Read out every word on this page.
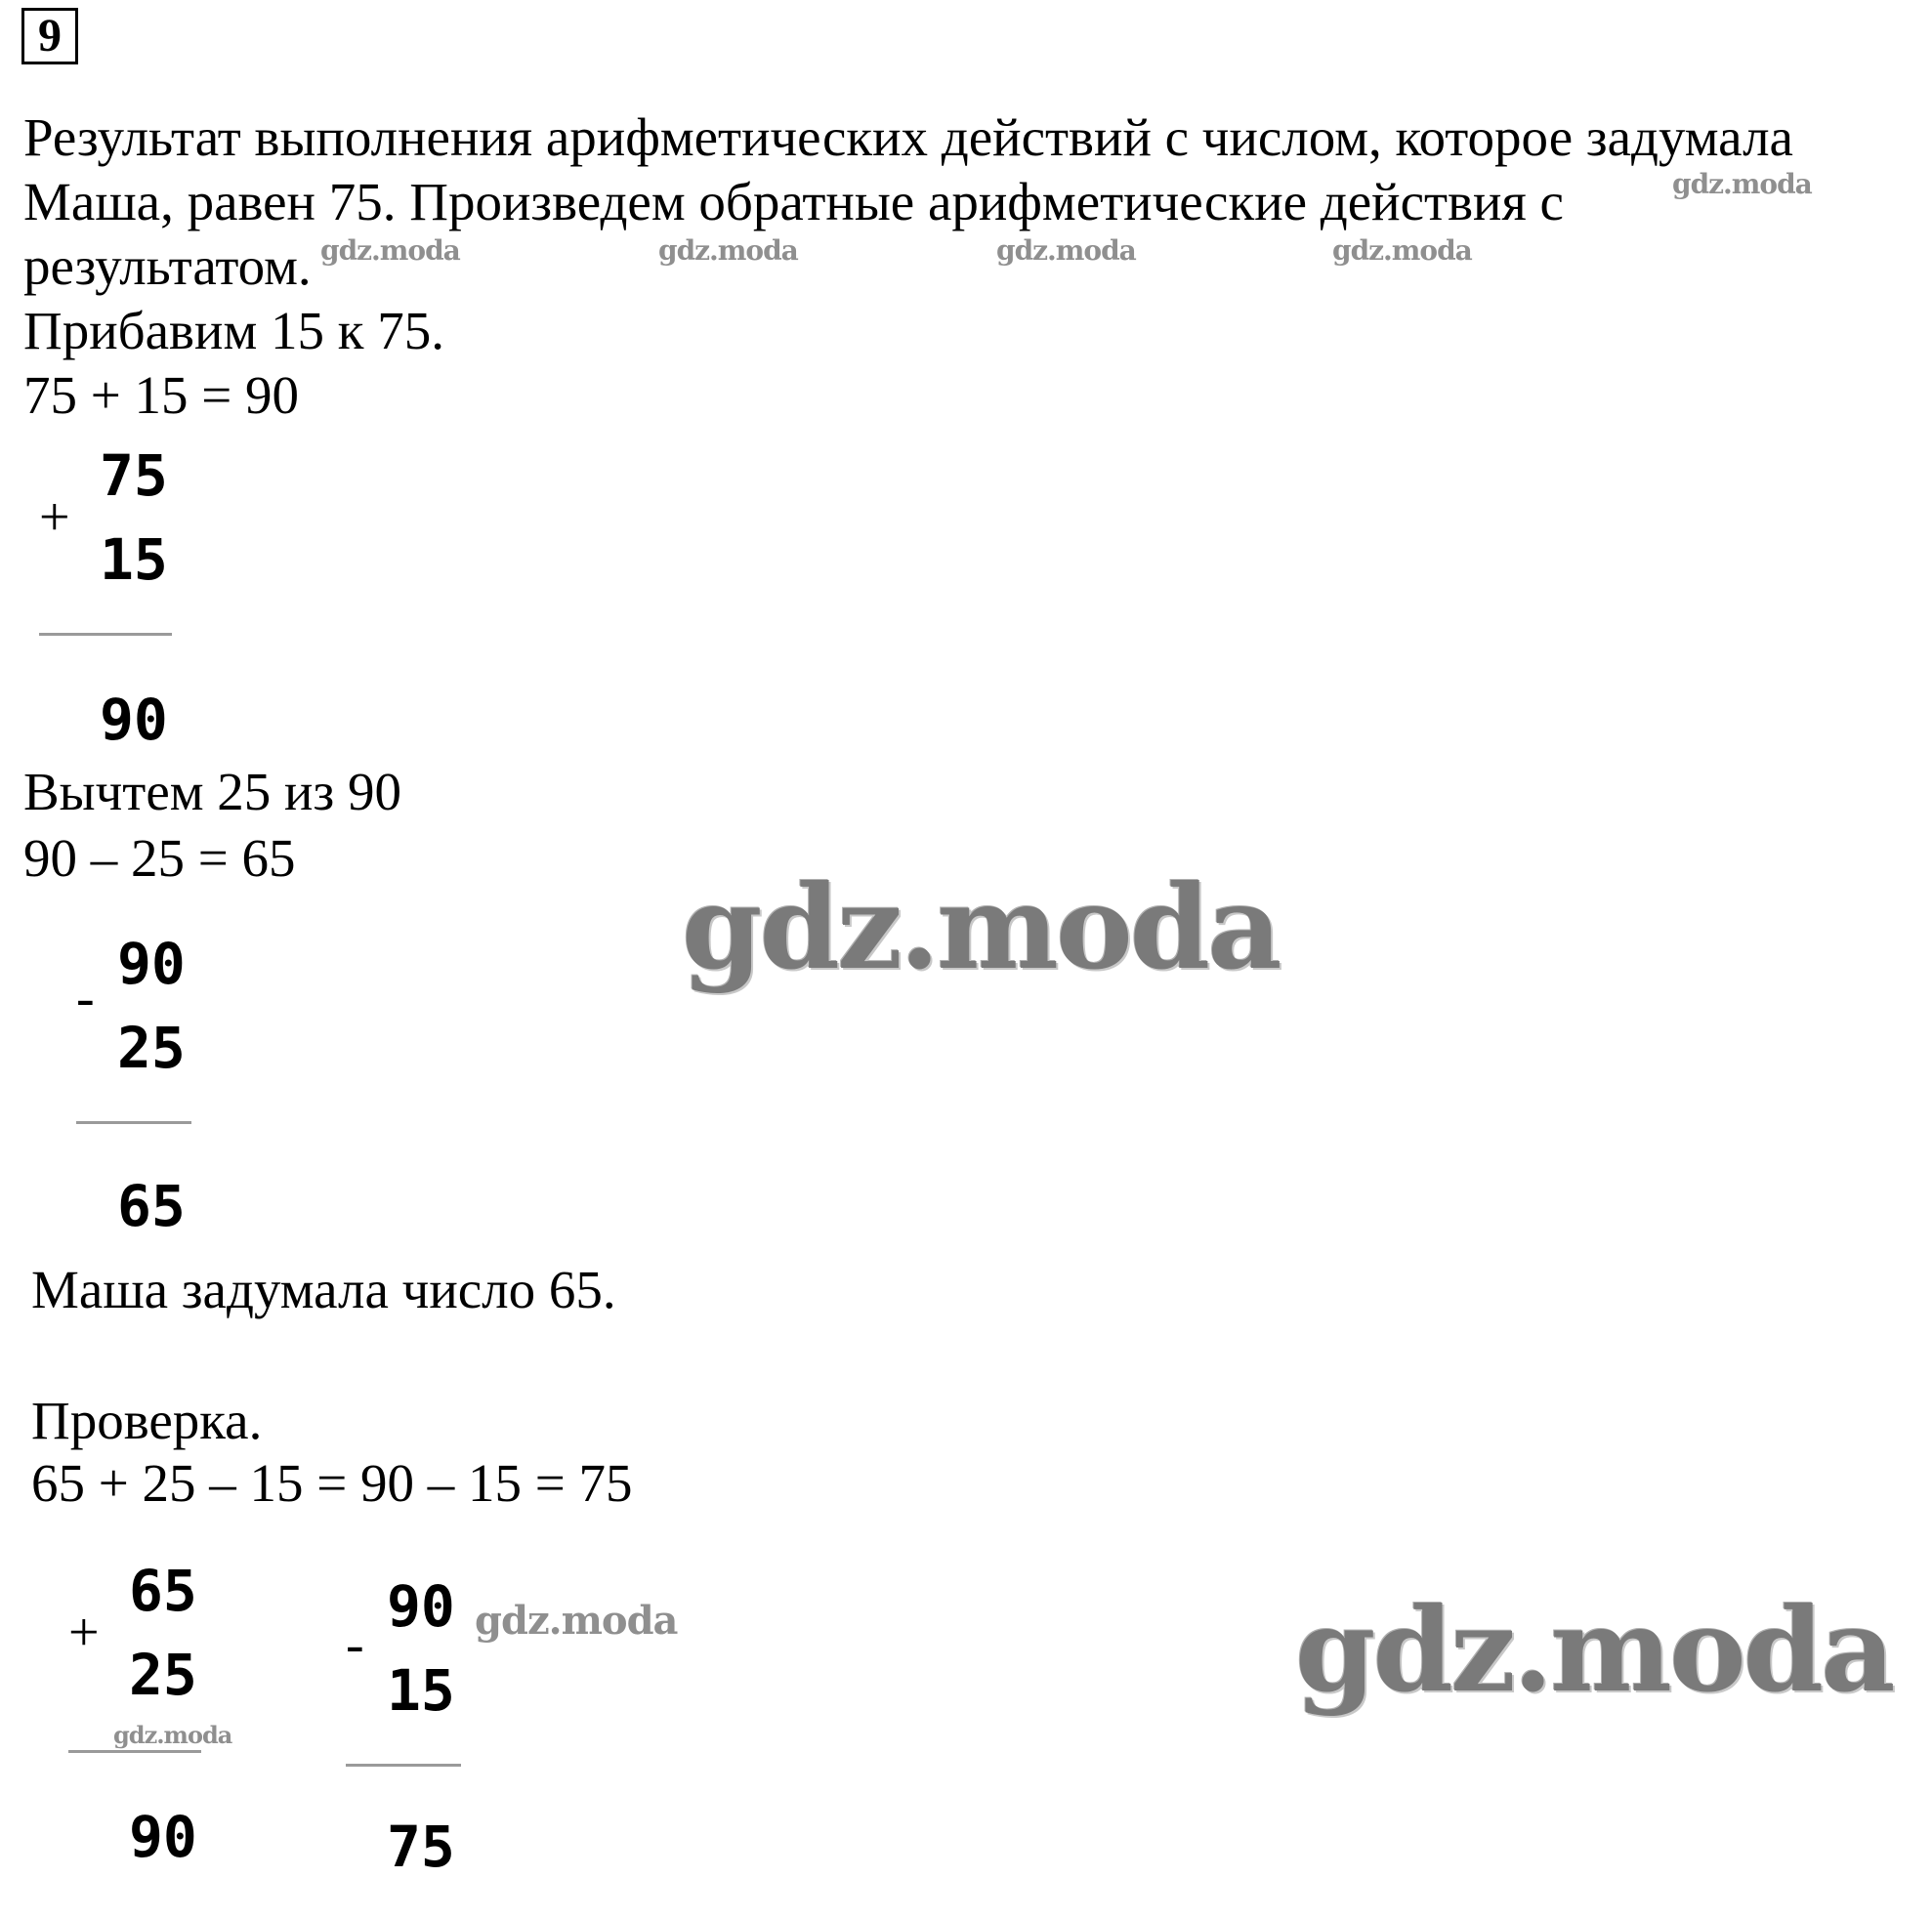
9
Результат выполнения арифметических действий с числом, которое задумала
Маша, равен 75. Произведем обратные арифметические действия с
результатом.
Прибавим 15 к 75.
75 + 15 = 90
Вычтем 25 из 90
90 – 25 = 65
Маша задумала число 65.
Проверка.
65 + 25 – 15 = 90 – 15 = 75
+
75
15
90
-
90
25
65
+
65
25
90
-
90
15
75
gdz.moda
gdz.moda	gdz.moda	gdz.moda	gdz.moda
gdz.moda
gdz.moda
gdz.moda
gdz.moda
